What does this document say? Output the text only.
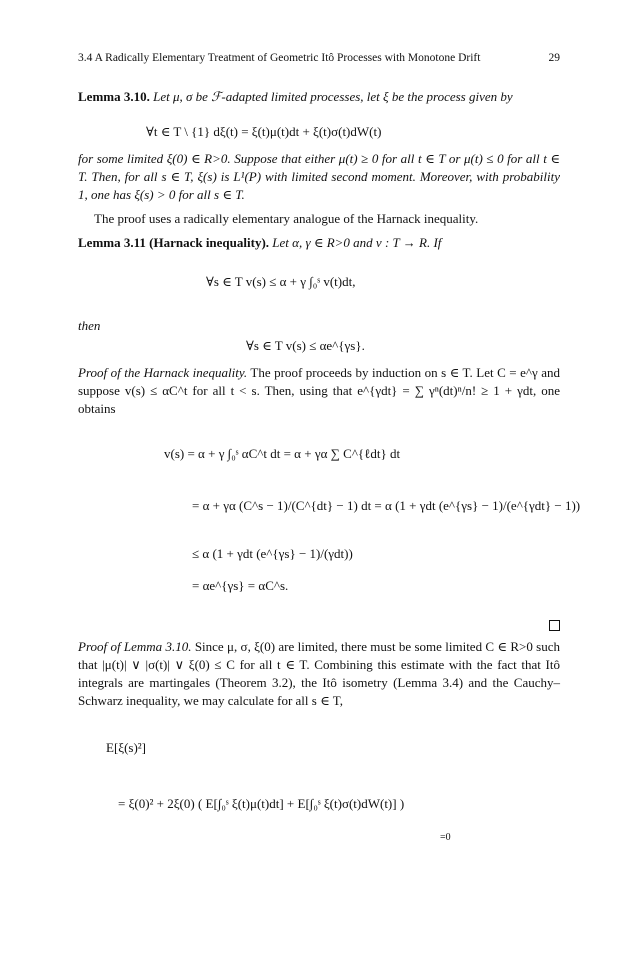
3.4 A Radically Elementary Treatment of Geometric Itô Processes with Monotone Drift	29

Lemma 3.10. Let μ, σ be ℱ-adapted limited processes, let ξ be the process given by

∀t ∈ T \ {1} dξ(t) = ξ(t)μ(t)dt + ξ(t)σ(t)dW(t)

for some limited ξ(0) ∈ R>0. Suppose that either μ(t) ≥ 0 for all t ∈ T or μ(t) ≤ 0 for all t ∈ T. Then, for all s ∈ T, ξ(s) is L¹(P) with limited second moment. Moreover, with probability 1, one has ξ(s) > 0 for all s ∈ T.

The proof uses a radically elementary analogue of the Harnack inequality.

Lemma 3.11 (Harnack inequality). Let α, γ ∈ R>0 and v : T → R. If

∀s ∈ T v(s) ≤ α + γ ∫₀ˢ v(t)dt,
then
∀s ∈ T v(s) ≤ αe^{γs}.

Proof of the Harnack inequality. The proof proceeds by induction on s ∈ T. Let C = e^γ and suppose v(s) ≤ αC^t for all t < s. Then, using that e^{γdt} = ∑ γⁿ(dt)ⁿ/n! ≥ 1 + γdt, one obtains

v(s) = α + γ ∫₀ˢ αC^t dt = α + γα ∑ C^{ℓdt} dt
= α + γα (C^s − 1)/(C^{dt} − 1) dt = α (1 + γdt (e^{γs} − 1)/(e^{γdt} − 1))
≤ α (1 + γdt (e^{γs} − 1)/(γdt))
= αe^{γs} = αC^s.

Proof of Lemma 3.10. Since μ, σ, ξ(0) are limited, there must be some limited C ∈ R>0 such that |μ(t)| ∨ |σ(t)| ∨ ξ(0) ≤ C for all t ∈ T. Combining this estimate with the fact that Itô integrals are martingales (Theorem 3.2), the Itô isometry (Lemma 3.4) and the Cauchy–Schwarz inequality, we may calculate for all s ∈ T,

E[ξ(s)²]
= ξ(0)² + 2ξ(0) ( E[∫₀ˢ ξ(t)μ(t)dt] + E[∫₀ˢ ξ(t)σ(t)dW(t)] )
=0
